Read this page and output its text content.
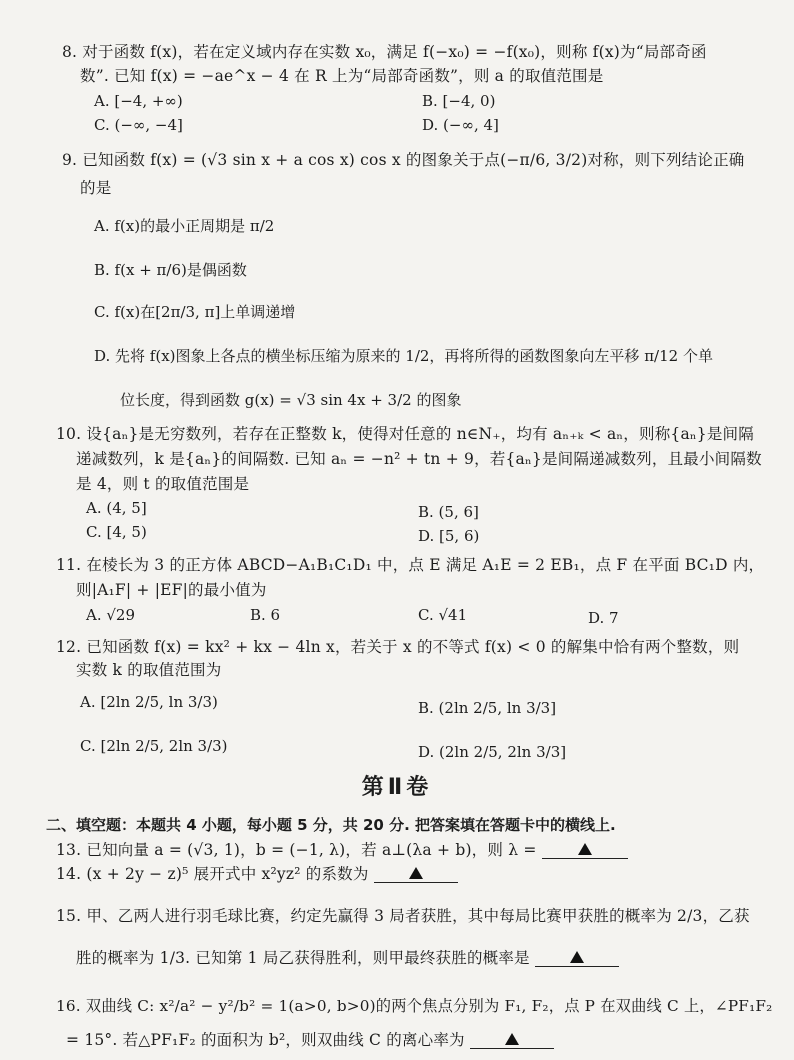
8. 对于函数 f(x)，若在定义域内存在实数 x₀，满足 f(−x₀) = −f(x₀)，则称 f(x)为“局部奇函
数”. 已知 f(x) = −ae^x − 4 在 R 上为“局部奇函数”，则 a 的取值范围是
A. [−4, +∞)	B. [−4, 0)
C. (−∞, −4]	D. (−∞, 4]
9. 已知函数 f(x) = (√3 sin x + a cos x) cos x 的图象关于点(−π/6, 3/2)对称，则下列结论正确
的是
A. f(x)的最小正周期是 π/2
B. f(x + π/6)是偶函数
C. f(x)在[2π/3, π]上单调递增
D. 先将 f(x)图象上各点的横坐标压缩为原来的 1/2，再将所得的函数图象向左平移 π/12 个单
位长度，得到函数 g(x) = √3 sin 4x + 3/2 的图象
10. 设{aₙ}是无穷数列，若存在正整数 k，使得对任意的 n∈N₊，均有 aₙ₊ₖ < aₙ，则称{aₙ}是间隔
递减数列，k 是{aₙ}的间隔数. 已知 aₙ = −n² + tn + 9，若{aₙ}是间隔递减数列，且最小间隔数
是 4，则 t 的取值范围是
A. (4, 5]	B. (5, 6]
C. [4, 5)	D. [5, 6)
11. 在棱长为 3 的正方体 ABCD−A₁B₁C₁D₁ 中，点 E 满足 A₁E = 2 EB₁，点 F 在平面 BC₁D 内，
则|A₁F| + |EF|的最小值为
A. √29	B. 6	C. √41	D. 7
12. 已知函数 f(x) = kx² + kx − 4ln x，若关于 x 的不等式 f(x) < 0 的解集中恰有两个整数，则
实数 k 的取值范围为
A. [2ln 2/5, ln 3/3)	B. (2ln 2/5, ln 3/3]
C. [2ln 2/5, 2ln 3/3)	D. (2ln 2/5, 2ln 3/3]
第Ⅱ卷
二、填空题：本题共 4 小题，每小题 5 分，共 20 分. 把答案填在答题卡中的横线上.
13. 已知向量 a = (√3, 1)，b = (−1, λ)，若 a⊥(λa + b)，则 λ =
14. (x + 2y − z)⁵ 展开式中 x²yz² 的系数为
15. 甲、乙两人进行羽毛球比赛，约定先赢得 3 局者获胜，其中每局比赛甲获胜的概率为 2/3，乙获
胜的概率为 1/3. 已知第 1 局乙获得胜利，则甲最终获胜的概率是
16. 双曲线 C: x²/a² − y²/b² = 1(a>0, b>0)的两个焦点分别为 F₁, F₂，点 P 在双曲线 C 上，∠PF₁F₂
= 15°. 若△PF₁F₂ 的面积为 b²，则双曲线 C 的离心率为
